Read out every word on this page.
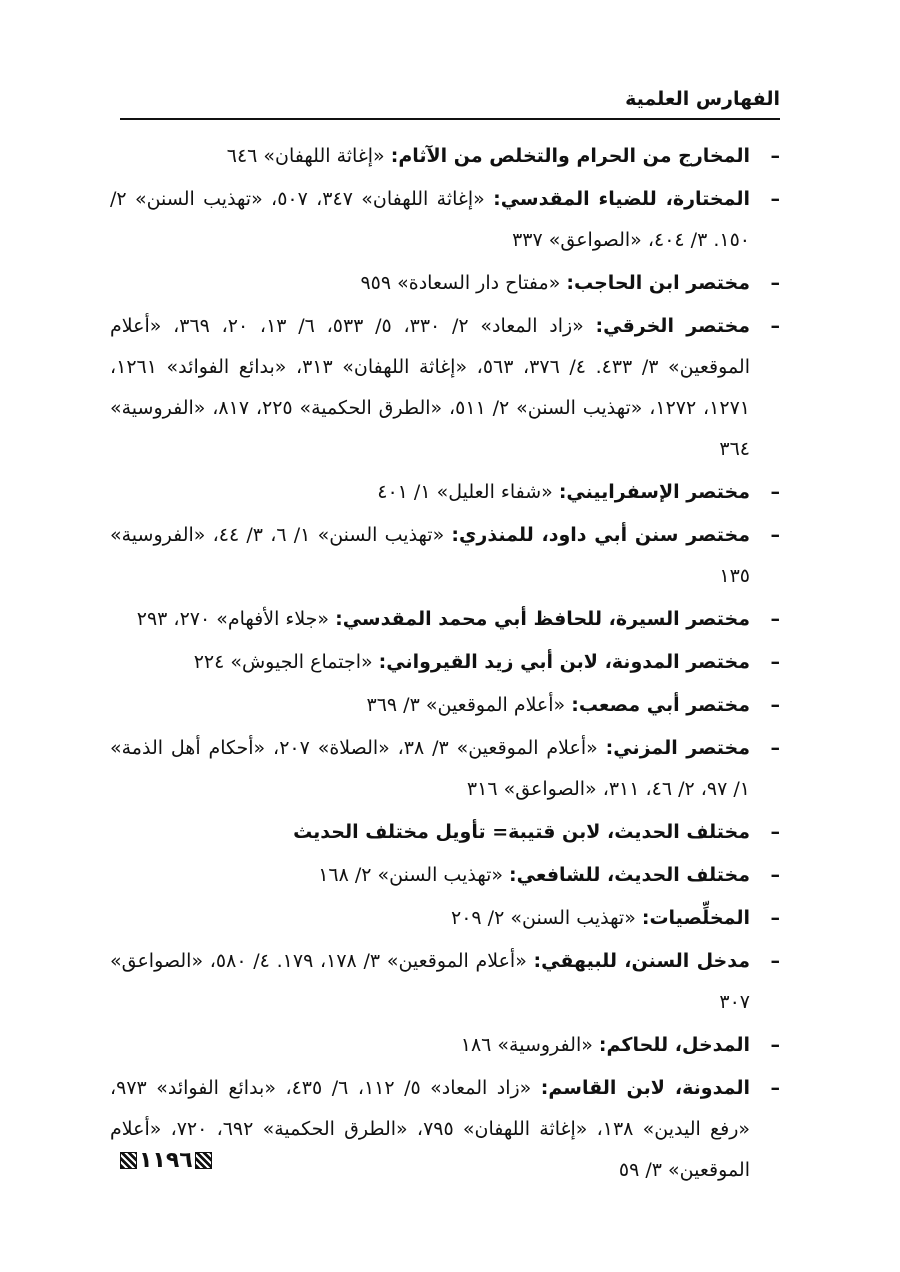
الفهارس العلمية
–
المخارج من الحرام والتخلص من الآثام: «إغاثة اللهفان» ٦٤٦
–
المختارة، للضياء المقدسي: «إغاثة اللهفان» ٣٤٧، ٥٠٧، «تهذيب السنن» ٢/ ١٥٠. ٣/ ٤٠٤، «الصواعق» ٣٣٧
–
مختصر ابن الحاجب: «مفتاح دار السعادة» ٩٥٩
–
مختصر الخرقي: «زاد المعاد» ٢/ ٣٣٠، ٥/ ٥٣٣، ٦/ ١٣، ٢٠، ٣٦٩، «أعلام الموقعين» ٣/ ٤٣٣. ٤/ ٣٧٦، ٥٦٣، «إغاثة اللهفان» ٣١٣، «بدائع الفوائد» ١٢٦١، ١٢٧١، ١٢٧٢، «تهذيب السنن» ٢/ ٥١١، «الطرق الحكمية» ٢٢٥، ٨١٧، «الفروسية» ٣٦٤
–
مختصر الإسفراييني: «شفاء العليل» ١/ ٤٠١
–
مختصر سنن أبي داود، للمنذري: «تهذيب السنن» ١/ ٦، ٣/ ٤٤، «الفروسية» ١٣٥
–
مختصر السيرة، للحافظ أبي محمد المقدسي: «جلاء الأفهام» ٢٧٠، ٢٩٣
–
مختصر المدونة، لابن أبي زيد القيرواني: «اجتماع الجيوش» ٢٢٤
–
مختصر أبي مصعب: «أعلام الموقعين» ٣/ ٣٦٩
–
مختصر المزني: «أعلام الموقعين» ٣/ ٣٨، «الصلاة» ٢٠٧، «أحكام أهل الذمة» ١/ ٩٧، ٢/ ٤٦، ٣١١، «الصواعق» ٣١٦
–
مختلف الحديث، لابن قتيبة= تأويل مختلف الحديث
–
مختلف الحديث، للشافعي: «تهذيب السنن» ٢/ ١٦٨
–
المخلِّصيات: «تهذيب السنن» ٢/ ٢٠٩
–
مدخل السنن، للبيهقي: «أعلام الموقعين» ٣/ ١٧٨، ١٧٩. ٤/ ٥٨٠، «الصواعق» ٣٠٧
–
المدخل، للحاكم: «الفروسية» ١٨٦
–
المدونة، لابن القاسم: «زاد المعاد» ٥/ ١١٢، ٦/ ٤٣٥، «بدائع الفوائد» ٩٧٣، «رفع اليدين» ١٣٨، «إغاثة اللهفان» ٧٩٥، «الطرق الحكمية» ٦٩٢، ٧٢٠، «أعلام الموقعين» ٣/ ٥٩
١١٩٦
